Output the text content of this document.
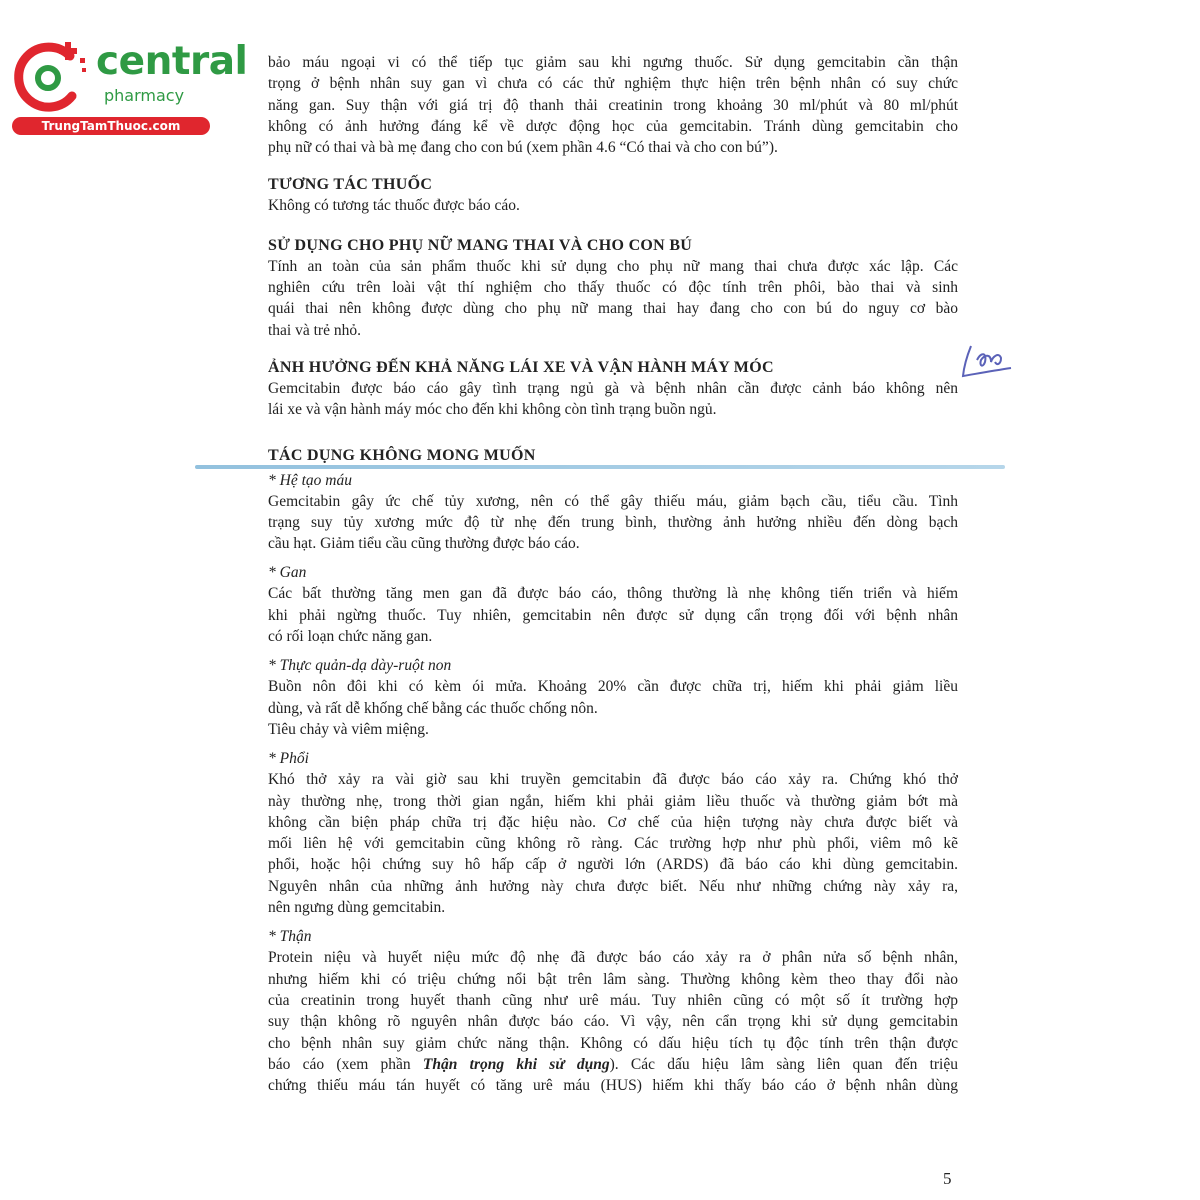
central
pharmacy
TrungTamThuoc.com

bảo máu ngoại vi có thể tiếp tục giảm sau khi ngưng thuốc. Sử dụng gemcitabin cần thận

trọng ở bệnh nhân suy gan vì chưa có các thử nghiệm thực hiện trên bệnh nhân có suy chức

năng gan. Suy thận với giá trị độ thanh thải creatinin trong khoảng 30 ml/phút và 80 ml/phút

không có ảnh hưởng đáng kể về dược động học của gemcitabin. Tránh dùng gemcitabin cho

phụ nữ có thai và bà mẹ đang cho con bú (xem phần 4.6 “Có thai và cho con bú”).

TƯƠNG TÁC THUỐC

Không có tương tác thuốc được báo cáo.

SỬ DỤNG CHO PHỤ NỮ MANG THAI VÀ CHO CON BÚ

Tính an toàn của sản phẩm thuốc khi sử dụng cho phụ nữ mang thai chưa được xác lập. Các

nghiên cứu trên loài vật thí nghiệm cho thấy thuốc có độc tính trên phôi, bào thai và sinh

quái thai nên không được dùng cho phụ nữ mang thai hay đang cho con bú do nguy cơ bào

thai và trẻ nhỏ.

ẢNH HƯỞNG ĐẾN KHẢ NĂNG LÁI XE VÀ VẬN HÀNH MÁY MÓC

Gemcitabin được báo cáo gây tình trạng ngủ gà và bệnh nhân cần được cảnh báo không nên

lái xe và vận hành máy móc cho đến khi không còn tình trạng buồn ngủ.

TÁC DỤNG KHÔNG MONG MUỐN

* Hệ tạo máu

Gemcitabin gây ức chế tủy xương, nên có thể gây thiếu máu, giảm bạch cầu, tiểu cầu. Tình

trạng suy tủy xương mức độ từ nhẹ đến trung bình, thường ảnh hưởng nhiều đến dòng bạch

cầu hạt. Giảm tiểu cầu cũng thường được báo cáo.

* Gan

Các bất thường tăng men gan đã được báo cáo, thông thường là nhẹ không tiến triển và hiếm

khi phải ngừng thuốc. Tuy nhiên, gemcitabin nên được sử dụng cẩn trọng đối với bệnh nhân

có rối loạn chức năng gan.

* Thực quản-dạ dày-ruột non

Buồn nôn đôi khi có kèm ói mửa. Khoảng 20% cần được chữa trị, hiếm khi phải giảm liều

dùng, và rất dễ khống chế bằng các thuốc chống nôn.

Tiêu chảy và viêm miệng.

* Phổi

Khó thở xảy ra vài giờ sau khi truyền gemcitabin đã được báo cáo xảy ra. Chứng khó thở

này thường nhẹ, trong thời gian ngắn, hiếm khi phải giảm liều thuốc và thường giảm bớt mà

không cần biện pháp chữa trị đặc hiệu nào. Cơ chế của hiện tượng này chưa được biết và

mối liên hệ với gemcitabin cũng không rõ ràng. Các trường hợp như phù phổi, viêm mô kẽ

phổi, hoặc hội chứng suy hô hấp cấp ở người lớn (ARDS) đã báo cáo khi dùng gemcitabin.

Nguyên nhân của những ảnh hưởng này chưa được biết. Nếu như những chứng này xảy ra,

nên ngưng dùng gemcitabin.

* Thận

Protein niệu và huyết niệu mức độ nhẹ đã được báo cáo xảy ra ở phân nửa số bệnh nhân,

nhưng hiếm khi có triệu chứng nổi bật trên lâm sàng. Thường không kèm theo thay đổi nào

của creatinin trong huyết thanh cũng như urê máu. Tuy nhiên cũng có một số ít trường hợp

suy thận không rõ nguyên nhân được báo cáo. Vì vậy, nên cẩn trọng khi sử dụng gemcitabin

cho bệnh nhân suy giảm chức năng thận. Không có dấu hiệu tích tụ độc tính trên thận được

báo cáo (xem phần Thận trọng khi sử dụng). Các dấu hiệu lâm sàng liên quan đến triệu

chứng thiếu máu tán huyết có tăng urê máu (HUS) hiếm khi thấy báo cáo ở bệnh nhân dùng

5
